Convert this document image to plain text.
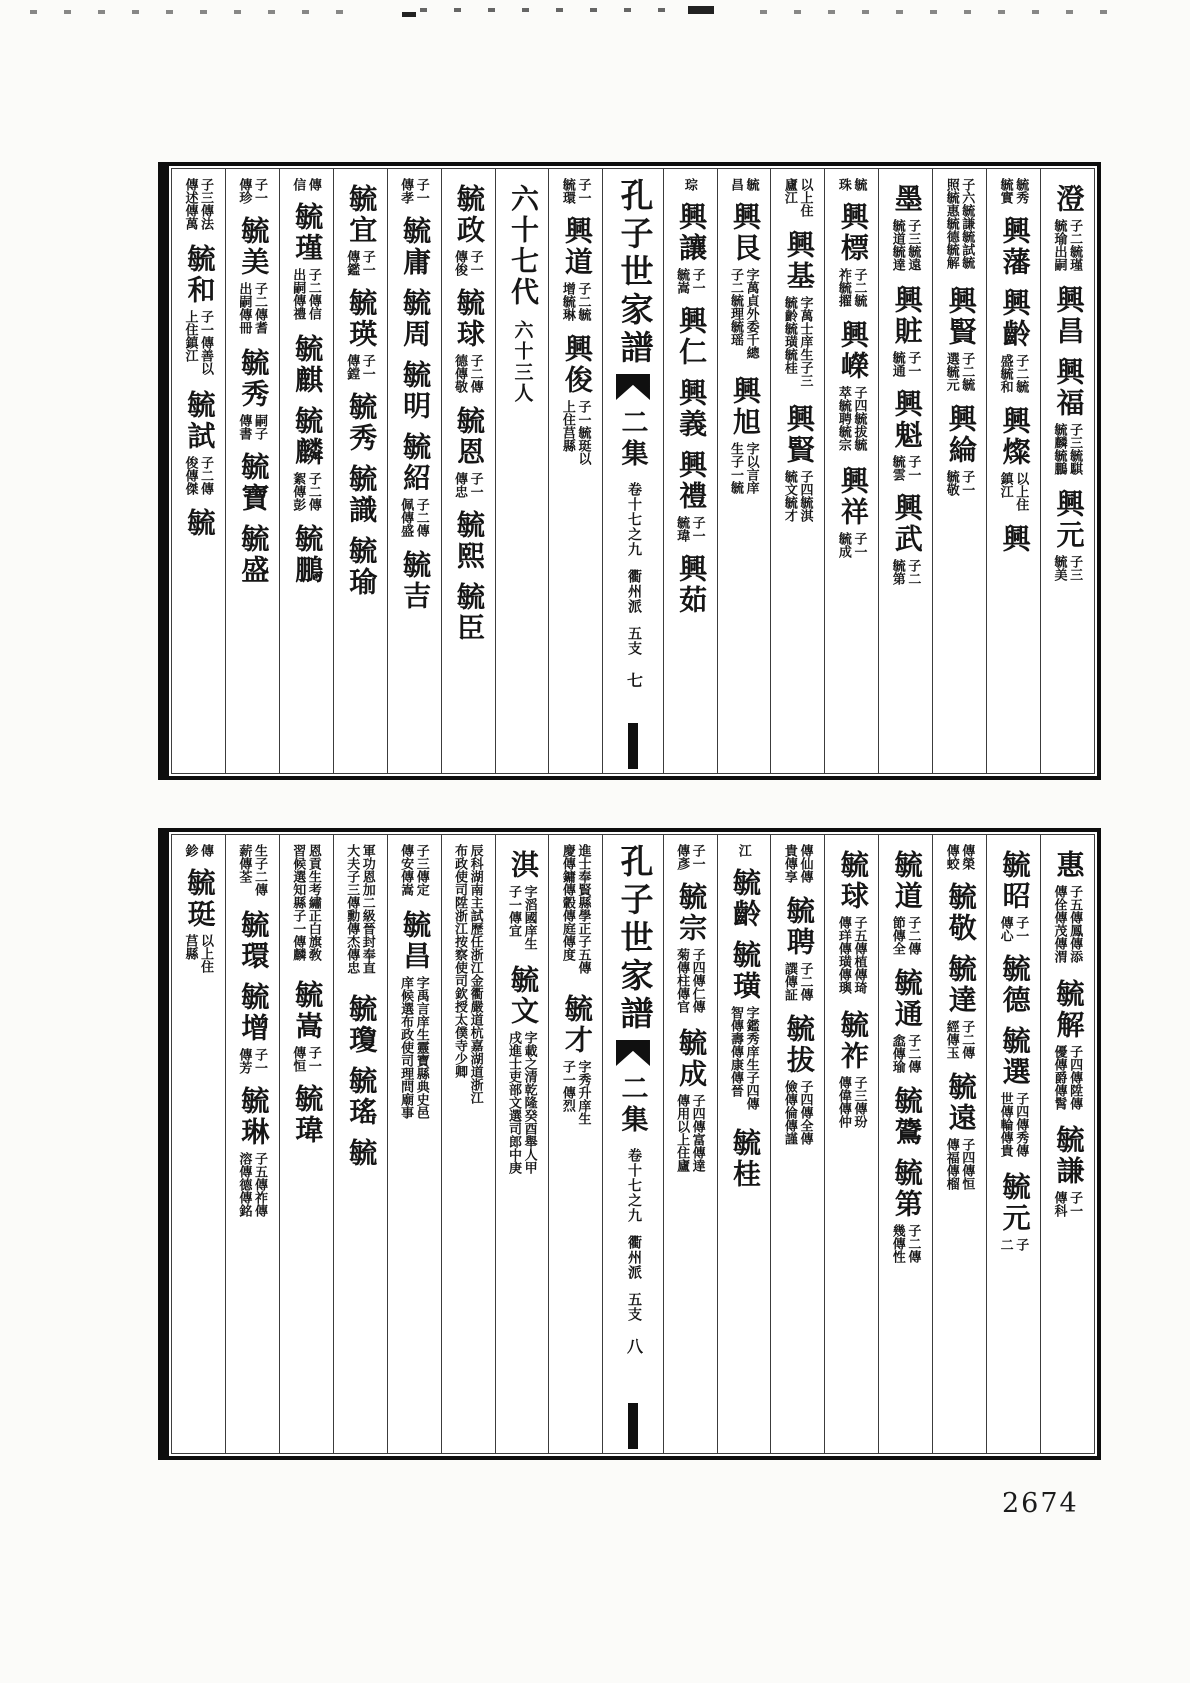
澄
子二毓瑾毓瑜出嗣
興昌
興福
子三毓騏毓麟毓鵬
興元
子三毓美
毓秀毓實
興藩
興齡
子二毓盛毓和
興燦
以上住鎮江
興
子六毓謙毓試毓照毓惠毓德毓解
興賢
子二毓選毓元
興綸
子一毓敬
墨
子三毓遠毓道毓達
興賍
子一毓通
興魁
子一毓雲
興武
子二毓第
毓珠
興標
子二毓祚毓擢
興嶸
子四毓拔毓萃毓聘毓宗
興祥
子一毓成
以上住廬江
興基
字萬士庠生子三毓齡毓璜毓桂
興賢
子四毓淇毓文毓才
毓昌
興艮
字萬貞外委千總子二毓理毓瑶
興旭
字以言庠生子一毓
琮
興讓
子一毓嵩
興仁
興義
興禮
子一毓瑋
興茹
孔子世家譜
二集
卷十七之九
衢州派
五支
七
子一毓環
興道
子二毓增毓琳
興俊
子一毓珽以上住莒縣
六十七代
六十三人
毓政
子一傳俊
毓球
子二傳德傳敬
毓恩
子一傳忠
毓熙
毓臣
子一傳孝
毓庸
毓周
毓明
毓紹
子二傳佩傳盛
毓吉
毓宜
子一傳鑑
毓瑛
子一傳鏜
毓秀
毓識
毓瑜
傳信
毓瑾
子二傳信出嗣傳禮
毓麒
毓麟
子二傳絮傳彭
毓鵬
子一傳珍
毓美
子二傳耆出嗣傳冊
毓秀
嗣子傳書
毓寶
毓盛
子三傳法傳述傳萬
毓和
子一傳善以上住鎮江
毓試
子二傳俊傳傑
毓
惠
子五傳鳳傳添傳佺傳茂傳渭
毓解
子四傳陞傳優傳爵傳髾
毓謙
子一傳科
毓昭
子一傳心
毓德
毓選
子四傳秀傳世傳輪傳貴
毓元
子二
傳榮傳蛟
毓敬
毓達
子二傳經傳玉
毓遠
子四傳恒傳福傳榴
毓道
子二傳節傳全
毓通
子二傳嵞傳瑜
毓鷟
毓第
子二傳幾傳性
毓球
子五傳植傳琦傳珜傳璜傳璵
毓祚
子三傳玢傳偉傳仲
傳仙傳貴傳享
毓聘
子二傳譔傳証
毓拔
子四傳全傳儉傳倫傳謹
江
毓齡
毓璜
字鑑秀庠生子四傳智傳壽傳康傳晉
毓桂
子一傳彥
毓宗
子四傳仁傳菊傳柱傳官
毓成
子四傳富傳達傳用以上住廬
孔子世家譜
二集
卷十七之九
衢州派
五支
八
進士奉賢縣學正子五傳慶傳鏞傳轂傳庭傳度
毓才
字秀升庠生子一傳烈
淇
字滔國庠生子一傳宜
毓文
字載之清乾隆癸酉舉人甲戌進士吏部文選司郎中庚
辰科湖南主試歷任浙江金衢嚴道杭嘉湖道浙江布政使司陞浙江按察使司欽授太僕寺少卿
子三傳定傳安傳嵩
毓昌
字禹言庠生靈寶縣典史邑庠候選布政使司理問廟事
軍功恩加二級晉封奉直大夫子三傳勳傳杰傳忠
毓瓊
毓瑤
毓
恩貢生考繡正白旗敎習候選知縣子一傳麟
毓嵩
子一傳恒
毓瑋
生子二傳薪傳荃
毓環
毓增
子一傳芳
毓琳
子五傳祚傳溶傳德傳銘
傳鉁
毓珽
以上住莒縣
2674
